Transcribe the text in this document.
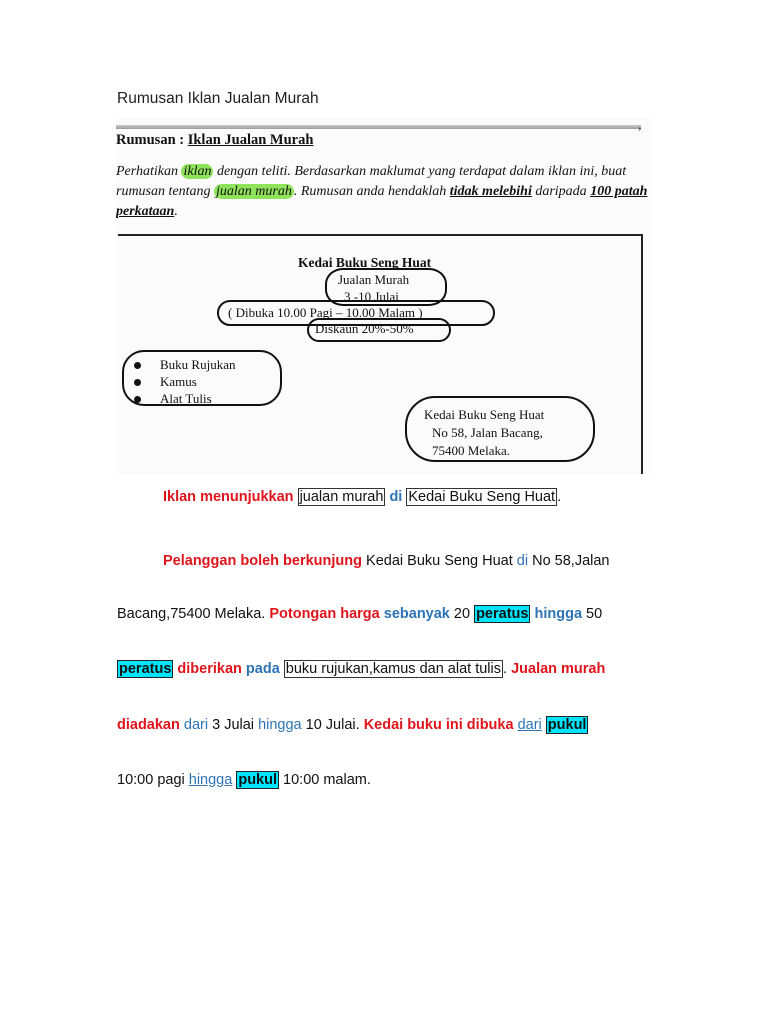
Rumusan Iklan Jualan Murah
,
Rumusan : Iklan Jualan Murah
Perhatikan iklan dengan teliti. Berdasarkan maklumat yang terdapat dalam iklan ini, buat rumusan tentang jualan murah . Rumusan anda hendaklah tidak melebihi daripada 100 patah perkataan.
Kedai Buku Seng Huat
Jualan Murah
3 -10 Julai
( Dibuka 10.00 Pagi – 10.00 Malam )
Diskaun 20%-50%
Buku Rujukan
Kamus
Alat Tulis
Kedai Buku Seng Huat
No 58, Jalan Bacang,
75400 Melaka.
Iklan menunjukkan jualan murah di Kedai Buku Seng Huat .
Pelanggan boleh berkunjung Kedai Buku Seng Huat di No 58,Jalan
Bacang,75400 Melaka. Potongan harga sebanyak 20 peratus hingga 50
peratus diberikan pada buku rujukan,kamus dan alat tulis . Jualan murah
diadakan dari 3 Julai hingga 10 Julai. Kedai buku ini dibuka dari pukul
10:00 pagi hingga pukul 10:00 malam.
